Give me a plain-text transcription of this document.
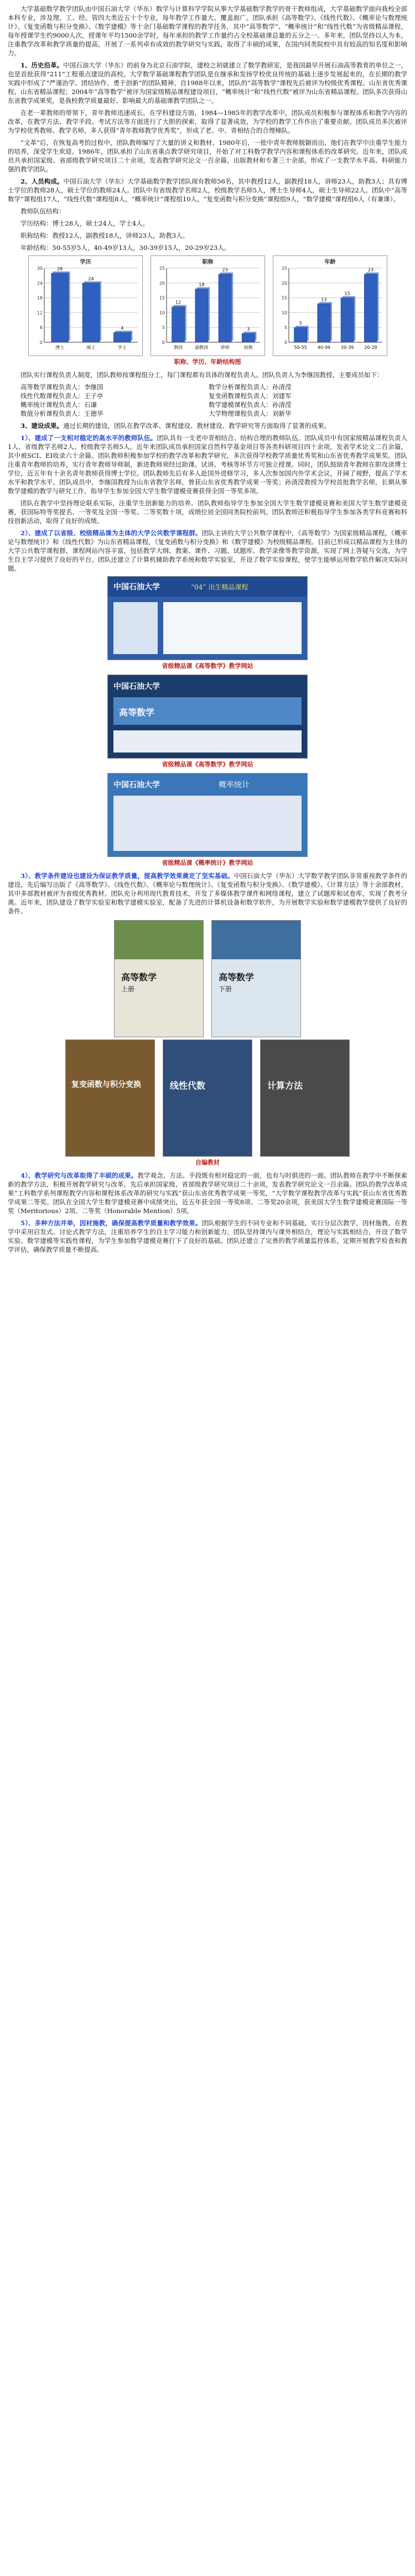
大学基础数学教学团队由中国石油大学（华东）数学与计算科学学院从事大学基础数学教学的骨干教师组成，大学基础数学面向我校全部本科专业，涉及理、工、经、管四大类近五十个专业，每年教学工作量大、覆盖面广。团队承担《高等数学》、《线性代数》、《概率论与数理统计》、《复变函数与积分变换》、《数学建模》等十余门基础数学课程的教学任务，其中“高等数学”、“概率统计”和“线性代数”为省级精品课程，每年授课学生约9000人次，授课年平均1500余学时，每年承担的教学工作量约占全校基础课总量的五分之一。多年来，团队坚持以人为本，注重教学改革和教学质量的提高，开展了一系列卓有成效的教学研究与实践，取得了丰硕的成果，在国内同类院校中具有较高的知名度和影响力。

1、历史沿革。中国石油大学（华东）的前身为北京石油学院，建校之初就建立了数学教研室，是我国最早开展石油高等教育的单位之一，也是首批获得“211”工程重点建设的高校。大学数学基础课程教学团队是在继承和发扬学校优良传统的基础上逐步发展起来的，在长期的教学实践中形成了“严谨治学、团结协作、勇于创新”的团队精神。自1988年以来，团队的“高等数学”课程先后被评为校级优秀课程、山东省优秀课程、山东省精品课程；2004年“高等数学”被评为国家级精品课程建设项目，“概率统计”和“线性代数”被评为山东省精品课程。团队多次获得山东省教学成果奖，是我校教学质量最好、影响最大的基础课教学团队之一。

在老一辈教师的带领下，青年教师迅速成长。在学科建设方面，1984—1985年的教学改革中，团队成员积极参与课程体系和教学内容的改革，在教学方法、教学手段、考试方法等方面进行了大胆的探索，取得了显著成效，为学校的教学工作作出了重要贡献。团队成员多次被评为学校优秀教师、教学名师，多人获得“青年教师教学优秀奖”，形成了老、中、青相结合的合理梯队。

“文革”后，在恢复高考的过程中，团队教师编写了大量的讲义和教材。1980年后，一批中青年教师脱颖而出，他们在教学中注重学生能力的培养，深受学生欢迎。1986年，团队承担了山东省重点教学研究项目，开始了对工科数学教学内容和课程体系的改革研究。近年来，团队成员共承担国家级、省部级教学研究项目二十余项，发表教学研究论文一百余篇，出版教材和专著三十余部，形成了一支教学水平高、科研能力强的教学团队。

2、人员构成。中国石油大学（华东）大学基础数学教学团队现有教师56名，其中教授12人，副教授18人，讲师23人，助教3人；具有博士学位的教师28人，硕士学位的教师24人。团队中有省级教学名师2人，校级教学名师5人，博士生导师4人，硕士生导师22人。团队中“高等数学”课程组17人，“线性代数”课程组8人，“概率统计”课程组10人，“复变函数与积分变换”课程组9人，“数学建模”课程组6人（有兼课）。

教师队伍结构：

学历结构：博士28人，硕士24人，学士4人。

职称结构：教授12人，副教授18人，讲师23人，助教3人。

年龄结构：50-55岁5人，40-49岁13人，30-39岁15人，20-29岁23人。

0
6
12
18
24
30
学历
28
博士
24
硕士
4
学士
0
5
10
15
20
25
职称
12
教授
18
副教授
23
讲师
3
助教
0
5
10
15
20
25
年龄
5
50-55
13
40-49
15
30-39
23
20-29
职称、学历、年龄结构图

团队实行课程负责人制度，团队教师按课程组分工，每门课程都有具体的课程负责人。团队负责人为李继国教授，主要成员如下：

高等数学课程负责人：李继国	数学分析课程负责人：孙清滢
线性代数课程负责人：王子亭	复变函数课程负责人：刘建军
概率统计课程负责人：石谦	数学建模课程负责人：孙清滢
数值分析课程负责人：王德华	大学物理课程负责人：刘新华

3、建设成果。通过长期的建设，团队在教学改革、课程建设、教材建设、教学研究等方面取得了显著的成果。

1）、建成了一支相对稳定的高水平的教师队伍。团队具有一支老中青相结合、结构合理的教师队伍。团队成员中有国家级精品课程负责人1人、省级教学名师2人、校级教学名师5人。近年来团队成员承担国家自然科学基金项目等各类科研项目四十余项，发表学术论文二百余篇，其中被SCI、EI收录六十余篇。团队教师积极参加学校的教学改革和教学研究，多次获得学校教学质量优秀奖和山东省优秀教学成果奖。团队注重青年教师的培养，实行青年教师导师制，新进教师须经过助课、试讲、考核等环节方可独立授课。同时，团队鼓励青年教师在职攻读博士学位，近五年有十余名青年教师获得博士学位。团队教师先后有多人赴国外进修学习，多人次参加国内外学术会议，开阔了视野，提高了学术水平和教学水平。团队成员中，李继国教授为山东省教学名师，曾获山东省优秀教学成果一等奖；孙清滢教授为学校首批教学名师，长期从事数学建模的教学与研究工作，指导学生参加全国大学生数学建模竞赛获得全国一等奖多项。

团队在教学中坚持理论联系实际，注重学生创新能力的培养。团队教师指导学生参加全国大学生数学建模竞赛和美国大学生数学建模竞赛，获国际特等奖提名、一等奖及全国一等奖、二等奖数十项，成绩位居全国同类院校前列。团队教师还积极指导学生参加各类学科竞赛和科技创新活动，取得了良好的成绩。

2）、建成了以省级、校级精品课为主体的大学公共数学课程群。团队主讲的大学公共数学课程中，《高等数学》为国家级精品课程，《概率论与数理统计》和《线性代数》为山东省精品课程，《复变函数与积分变换》和《数学建模》为校级精品课程。目前已形成以精品课程为主体的大学公共数学课程群，课程网站内容丰富，包括教学大纲、教案、课件、习题、试题库、教学录像等教学资源，实现了网上答疑与交流，为学生自主学习提供了良好的平台。团队还建立了计算机辅助教学系统和数学实验室，开设了数学实验课程，使学生能够运用数学软件解决实际问题。

中国石油大学	“04” 出生精品课程
省级精品课《高等数学》教学网站
中国石油大学
高等数学
省级精品课《高等数学》教学网站
中国石油大学	概率统计
省级精品课《概率统计》教学网站

3）、教学条件建设也建设为保证教学质量，提高教学效果奠定了坚实基础。中国石油大学（华东）大学数学教学团队非常重视教学条件的建设，先后编写出版了《高等数学》、《线性代数》、《概率论与数理统计》、《复变函数与积分变换》、《数学建模》、《计算方法》等十余部教材，其中多部教材被评为省级优秀教材。团队充分利用现代教育技术，开发了多媒体教学课件和网络课程，建立了试题库和试卷库，实现了教考分离。近年来，团队建设了数学实验室和数学建模实验室，配备了先进的计算机设备和数学软件，为开展数学实验和数学建模教学提供了良好的条件。

高等数学
上册
高等数学
下册
复变函数与积分变换	线性代数	计算方法
自编教材

4）、教学研究与改革取得了丰硕的成果。教学观念、方法、手段既有相对稳定的一面，也有与时俱进的一面。团队教师在教学中不断探索新的教学方法，积极开展教学研究与改革，先后承担国家级、省部级教学研究项目二十余项，发表教学研究论文一百余篇。团队的教学改革成果“工科数学系列课程教学内容和课程体系改革的研究与实践”获山东省优秀教学成果一等奖，“大学数学课程教学改革与实践”获山东省优秀教学成果二等奖。团队在全国大学生数学建模竞赛中成绩突出，近五年获全国一等奖8项、二等奖20余项，获美国大学生数学建模竞赛国际一等奖（Meritorious）2项、二等奖（Honorable Mention）5项。

5）、多种方法并举，因材施教，确保提高教学质量和教学效果。团队根据学生的不同专业和不同基础，实行分层次教学，因材施教。在教学中采用启发式、讨论式教学方法，注重培养学生的自主学习能力和创新能力。团队坚持课内与课外相结合，理论与实践相结合，开设了数学实验、数学建模等实践性课程，为学生参加数学建模竞赛打下了良好的基础。团队还建立了完善的教学质量监控体系，定期开展教学检查和教学评估，确保教学质量不断提高。
